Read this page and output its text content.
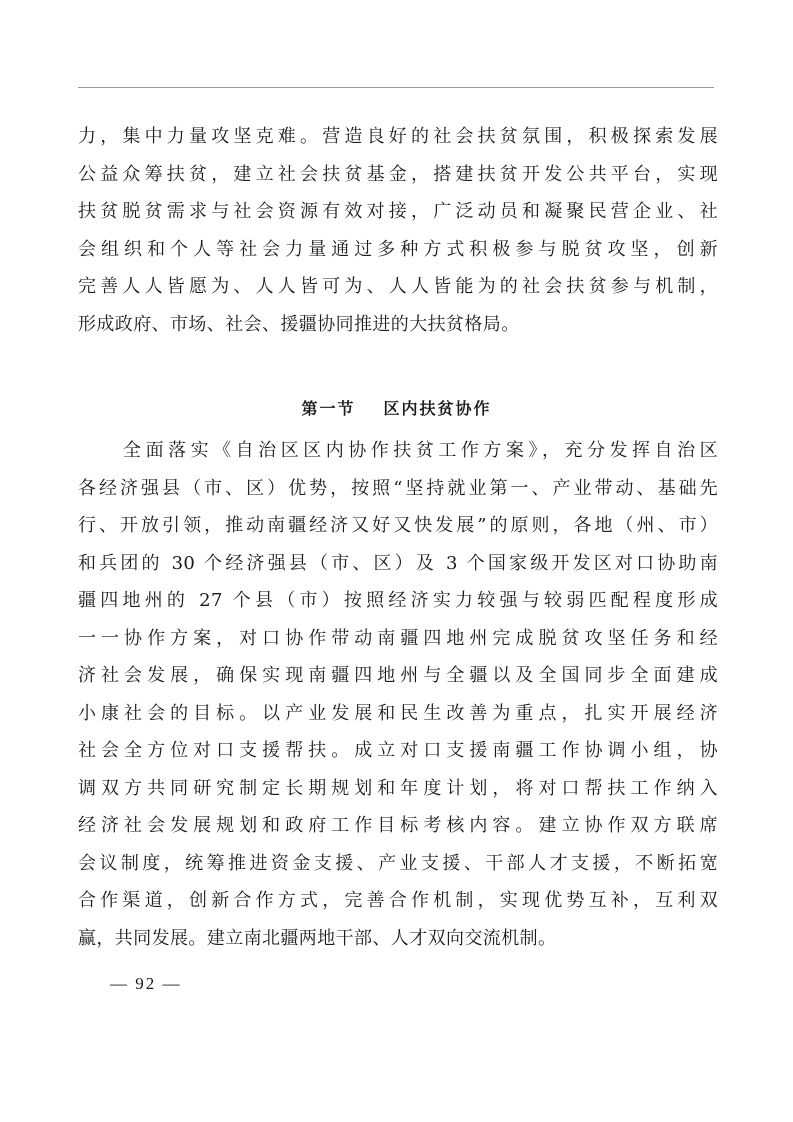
力，集中力量攻坚克难。营造良好的社会扶贫氛围，积极探索发展
公益众筹扶贫，建立社会扶贫基金，搭建扶贫开发公共平台，实现
扶贫脱贫需求与社会资源有效对接，广泛动员和凝聚民营企业、社
会组织和个人等社会力量通过多种方式积极参与脱贫攻坚，创新
完善人人皆愿为、人人皆可为、人人皆能为的社会扶贫参与机制，
形成政府、市场、社会、援疆协同推进的大扶贫格局。
第一节 区内扶贫协作
　　全面落实《自治区区内协作扶贫工作方案》，充分发挥自治区
各经济强县（市、区）优势，按照“坚持就业第一、产业带动、基础先
行、开放引领，推动南疆经济又好又快发展”的原则，各地（州、市）
和兵团的 30 个经济强县（市、区）及 3 个国家级开发区对口协助南
疆四地州的 27 个县（市）按照经济实力较强与较弱匹配程度形成
一一协作方案，对口协作带动南疆四地州完成脱贫攻坚任务和经
济社会发展，确保实现南疆四地州与全疆以及全国同步全面建成
小康社会的目标。以产业发展和民生改善为重点，扎实开展经济
社会全方位对口支援帮扶。成立对口支援南疆工作协调小组，协
调双方共同研究制定长期规划和年度计划，将对口帮扶工作纳入
经济社会发展规划和政府工作目标考核内容。建立协作双方联席
会议制度，统筹推进资金支援、产业支援、干部人才支援，不断拓宽
合作渠道，创新合作方式，完善合作机制，实现优势互补，互利双
赢，共同发展。建立南北疆两地干部、人才双向交流机制。
— 92 —
